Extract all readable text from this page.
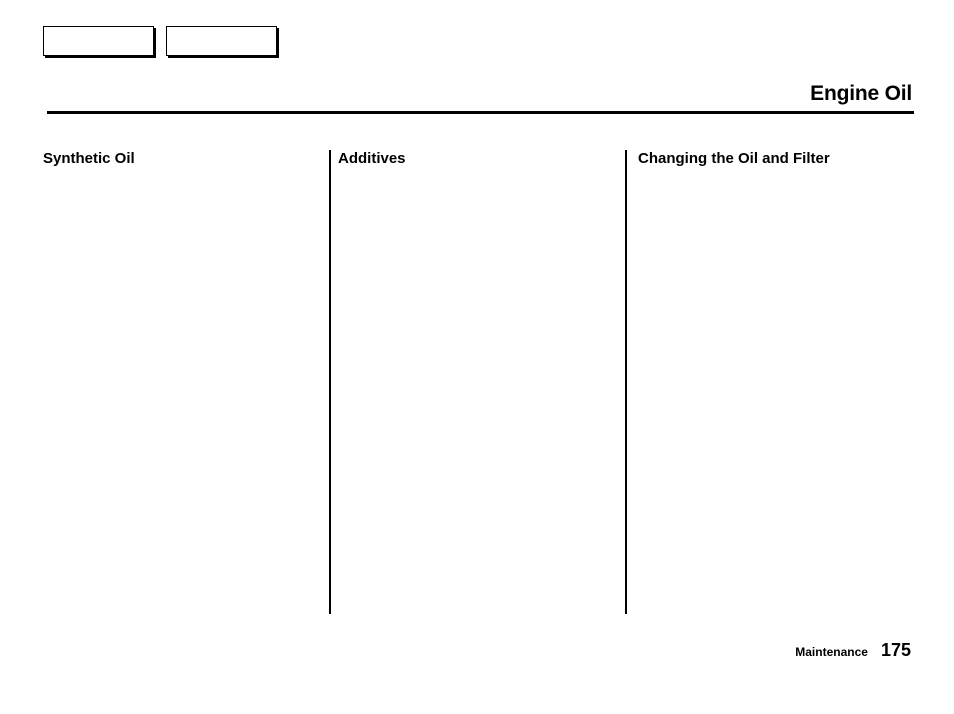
Engine Oil
Synthetic Oil	Additives	Changing the Oil and Filter
Maintenance 175
